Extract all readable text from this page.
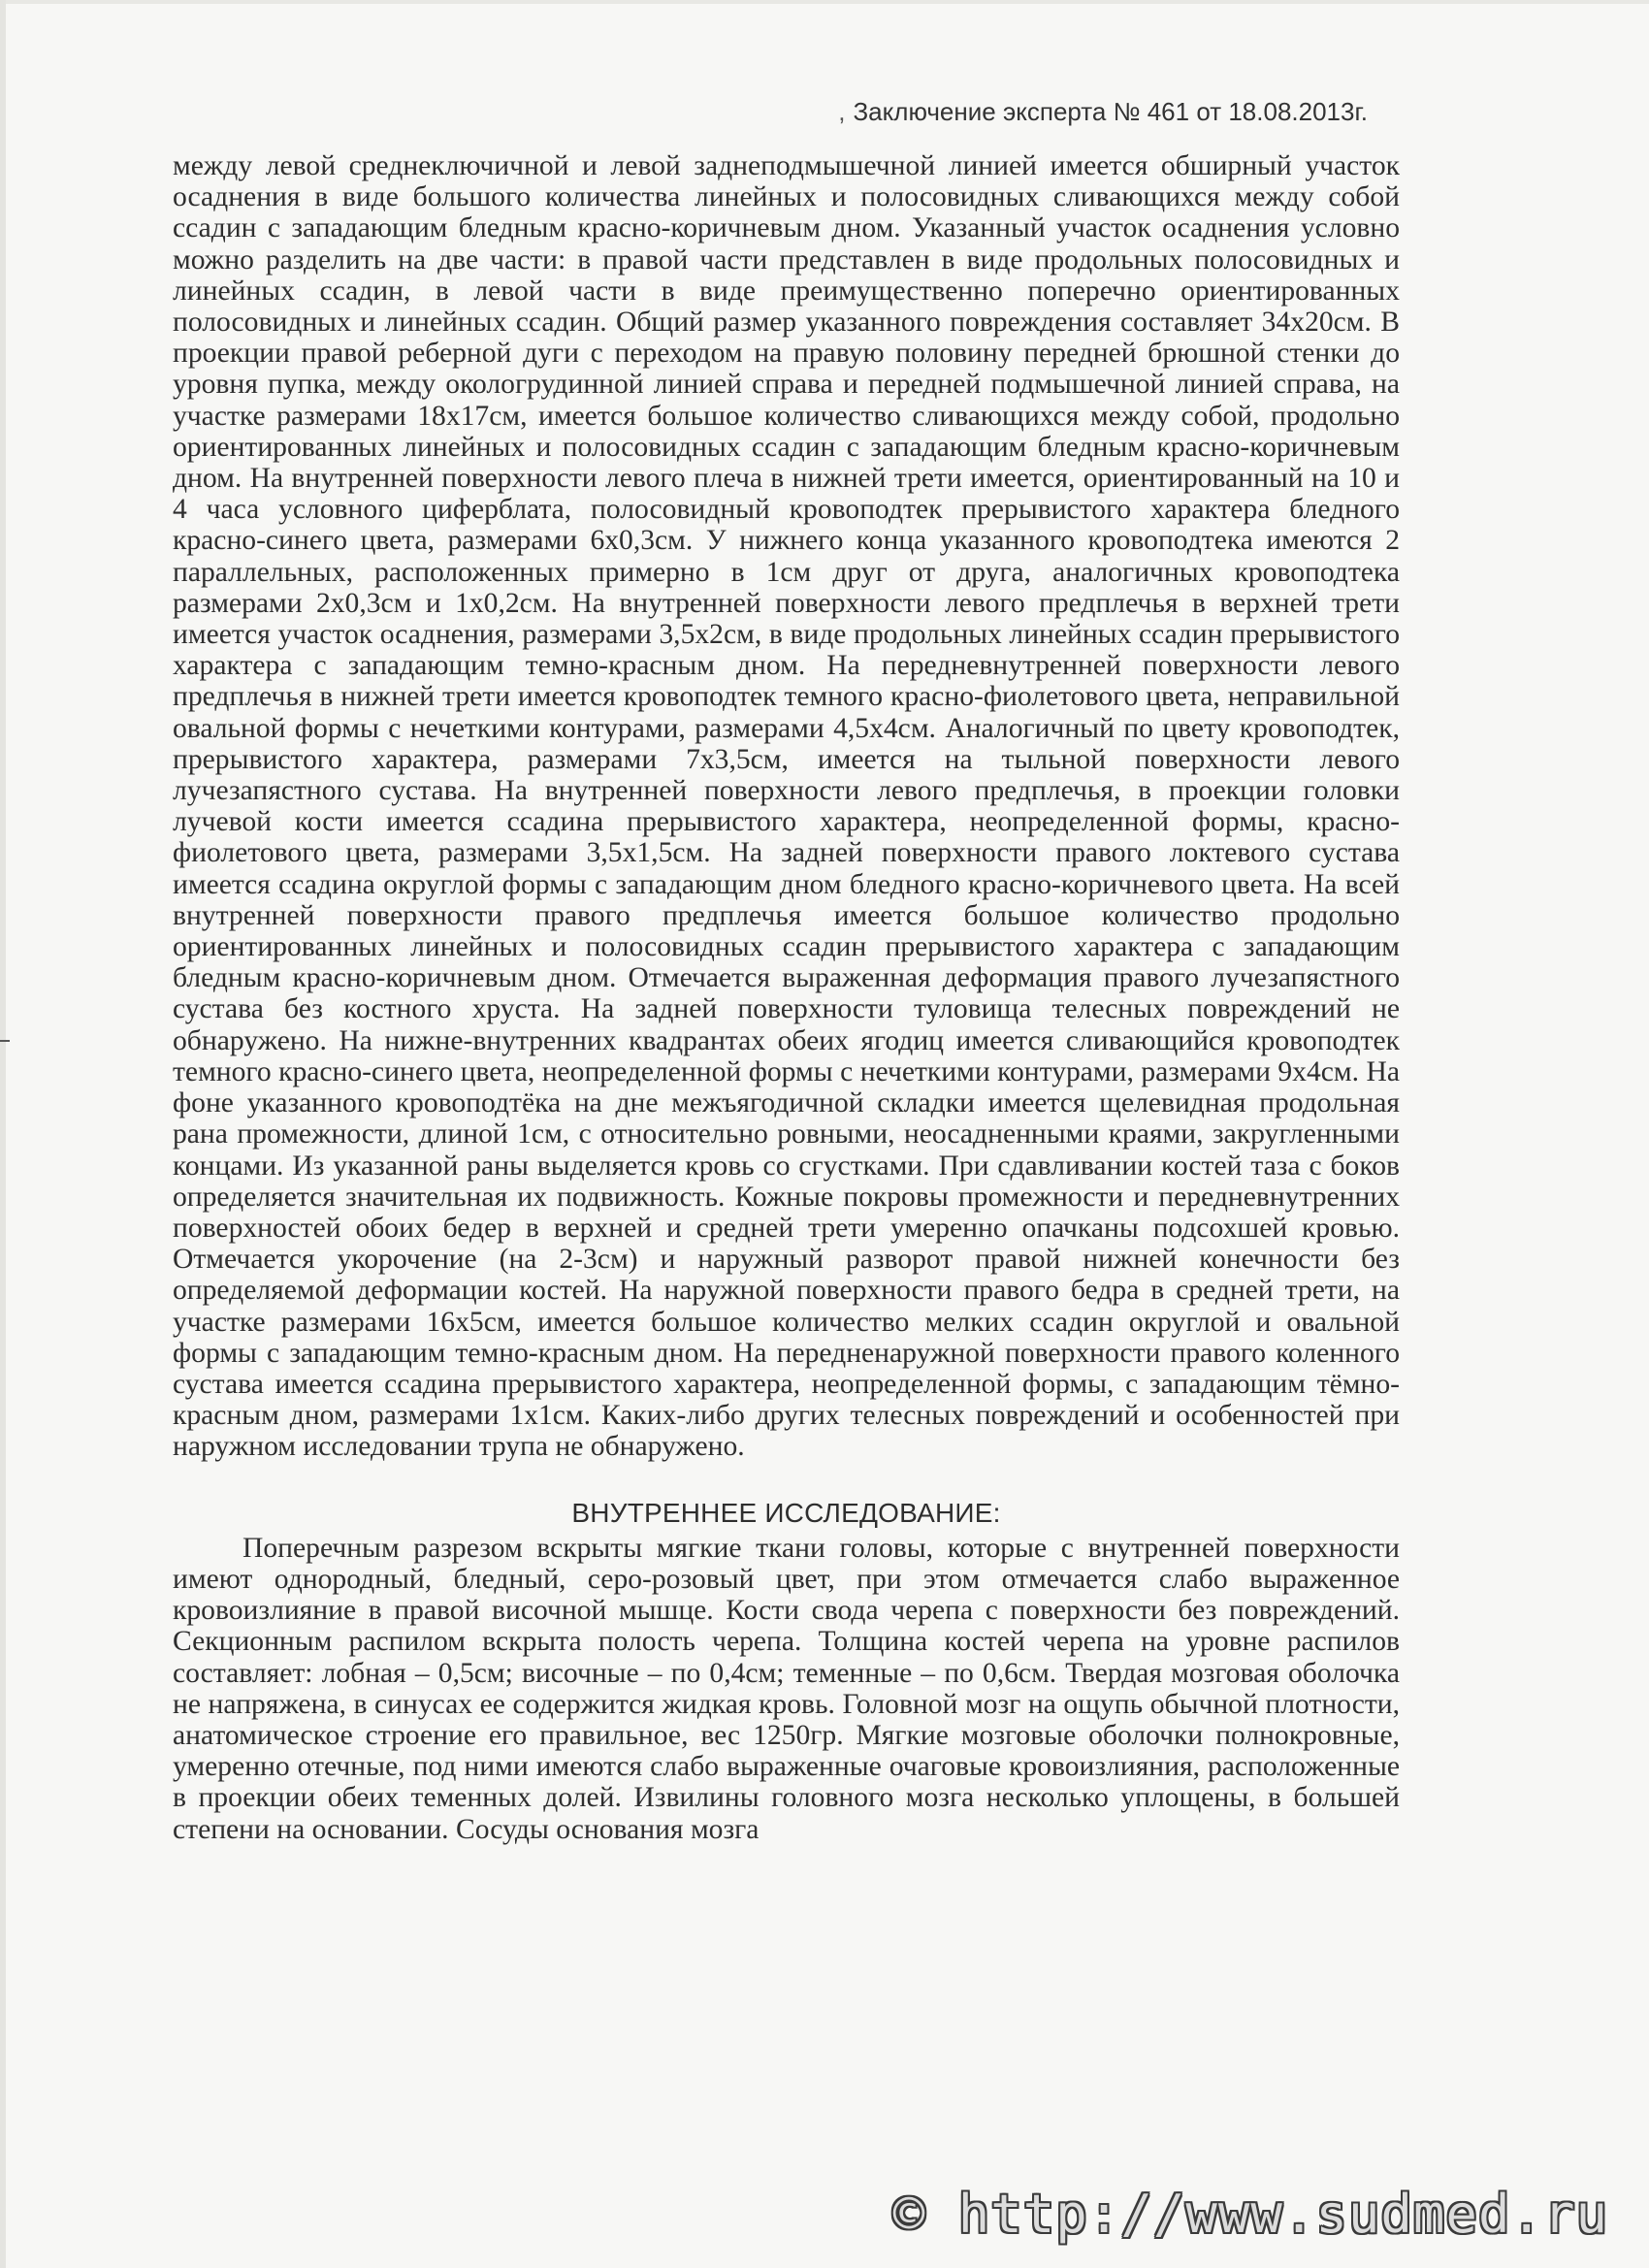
, Заключение эксперта № 461 от 18.08.2013г.

между левой среднеключичной и левой заднеподмышечной линией имеется обширный участок осаднения в виде большого количества линейных и полосовидных сливающихся между собой ссадин с западающим бледным красно-коричневым дном. Указанный участок осаднения условно можно разделить на две части: в правой части представлен в виде продольных полосовидных и линейных ссадин, в левой части в виде преимущественно поперечно ориентированных полосовидных и линейных ссадин. Общий размер указанного повреждения составляет 34х20см. В проекции правой реберной дуги с переходом на правую половину передней брюшной стенки до уровня пупка, между окологрудинной линией справа и передней подмышечной линией справа, на участке размерами 18х17см, имеется большое количество сливающихся между собой, продольно ориентированных линейных и полосовидных ссадин с западающим бледным красно-коричневым дном. На внутренней поверхности левого плеча в нижней трети имеется, ориентированный на 10 и 4 часа условного циферблата, полосовидный кровоподтек прерывистого характера бледного красно-синего цвета, размерами 6х0,3см. У нижнего конца указанного кровоподтека имеются 2 параллельных, расположенных примерно в 1см друг от друга, аналогичных кровоподтека размерами 2х0,3см и 1х0,2см. На внутренней поверхности левого предплечья в верхней трети имеется участок осаднения, размерами 3,5х2см, в виде продольных линейных ссадин прерывистого характера с западающим темно-красным дном. На передневнутренней поверхности левого предплечья в нижней трети имеется кровоподтек темного красно-фиолетового цвета, неправильной овальной формы с нечеткими контурами, размерами 4,5х4см. Аналогичный по цвету кровоподтек, прерывистого характера, размерами 7х3,5см, имеется на тыльной поверхности левого лучезапястного сустава. На внутренней поверхности левого предплечья, в проекции головки лучевой кости имеется ссадина прерывистого характера, неопределенной формы, красно-фиолетового цвета, размерами 3,5х1,5см. На задней поверхности правого локтевого сустава имеется ссадина округлой формы с западающим дном бледного красно-коричневого цвета. На всей внутренней поверхности правого предплечья имеется большое количество продольно ориентированных линейных и полосовидных ссадин прерывистого характера с западающим бледным красно-коричневым дном. Отмечается выраженная деформация правого лучезапястного сустава без костного хруста. На задней поверхности туловища телесных повреждений не обнаружено. На нижне-внутренних квадрантах обеих ягодиц имеется сливающийся кровоподтек темного красно-синего цвета, неопределенной формы с нечеткими контурами, размерами 9х4см. На фоне указанного кровоподтёка на дне межъягодичной складки имеется щелевидная продольная рана промежности, длиной 1см, с относительно ровными, неосадненными краями, закругленными концами. Из указанной раны выделяется кровь со сгустками. При сдавливании костей таза с боков определяется значительная их подвижность. Кожные покровы промежности и передневнутренних поверхностей обоих бедер в верхней и средней трети умеренно опачканы подсохшей кровью. Отмечается укорочение (на 2-3см) и наружный разворот правой нижней конечности без определяемой деформации костей. На наружной поверхности правого бедра в средней трети, на участке размерами 16х5см, имеется большое количество мелких ссадин округлой и овальной формы с западающим темно-красным дном. На передненаружной поверхности правого коленного сустава имеется ссадина прерывистого характера, неопределенной формы, с западающим тёмно-красным дном, размерами 1х1см. Каких-либо других телесных повреждений и особенностей при наружном исследовании трупа не обнаружено.

ВНУТРЕННЕЕ ИССЛЕДОВАНИЕ:

Поперечным разрезом вскрыты мягкие ткани головы, которые с внутренней поверхности имеют однородный, бледный, серо-розовый цвет, при этом отмечается слабо выраженное кровоизлияние в правой височной мышце. Кости свода черепа с поверхности без повреждений. Секционным распилом вскрыта полость черепа. Толщина костей черепа на уровне распилов составляет: лобная – 0,5см; височные – по 0,4см; теменные – по 0,6см. Твердая мозговая оболочка не напряжена, в синусах ее содержится жидкая кровь. Головной мозг на ощупь обычной плотности, анатомическое строение его правильное, вес 1250гр. Мягкие мозговые оболочки полнокровные, умеренно отечные, под ними имеются слабо выраженные очаговые кровоизлияния, расположенные в проекции обеих теменных долей. Извилины головного мозга несколько уплощены, в большей степени на основании. Сосуды основания мозга

© http://www.sudmed.ru
